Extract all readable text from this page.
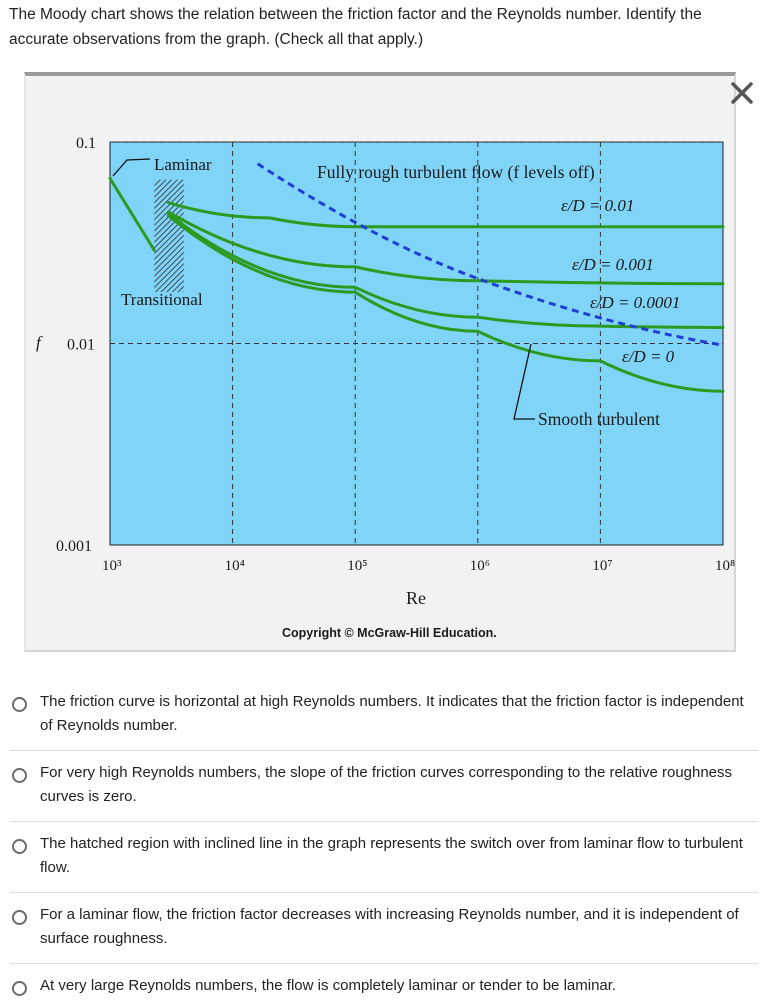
The Moody chart shows the relation between the friction factor and the Reynolds number. Identify the accurate observations from the graph. (Check all that apply.)
10³	10⁴	10⁵	10⁶	10⁷	10⁸
0.1
0.01
0.001
Laminar
Transitional
Fully rough turbulent flow (f levels off)
ε/D = 0.01
ε/D = 0.001
ε/D = 0.0001
ε/D = 0
Smooth turbulent
f
Re
Copyright © McGraw-Hill Education.
The friction curve is horizontal at high Reynolds numbers. It indicates that the friction factor is independent of Reynolds number.
For very high Reynolds numbers, the slope of the friction curves corresponding to the relative roughness curves is zero.
The hatched region with inclined line in the graph represents the switch over from laminar flow to turbulent flow.
For a laminar flow, the friction factor decreases with increasing Reynolds number, and it is independent of surface roughness.
At very large Reynolds numbers, the flow is completely laminar or tender to be laminar.
